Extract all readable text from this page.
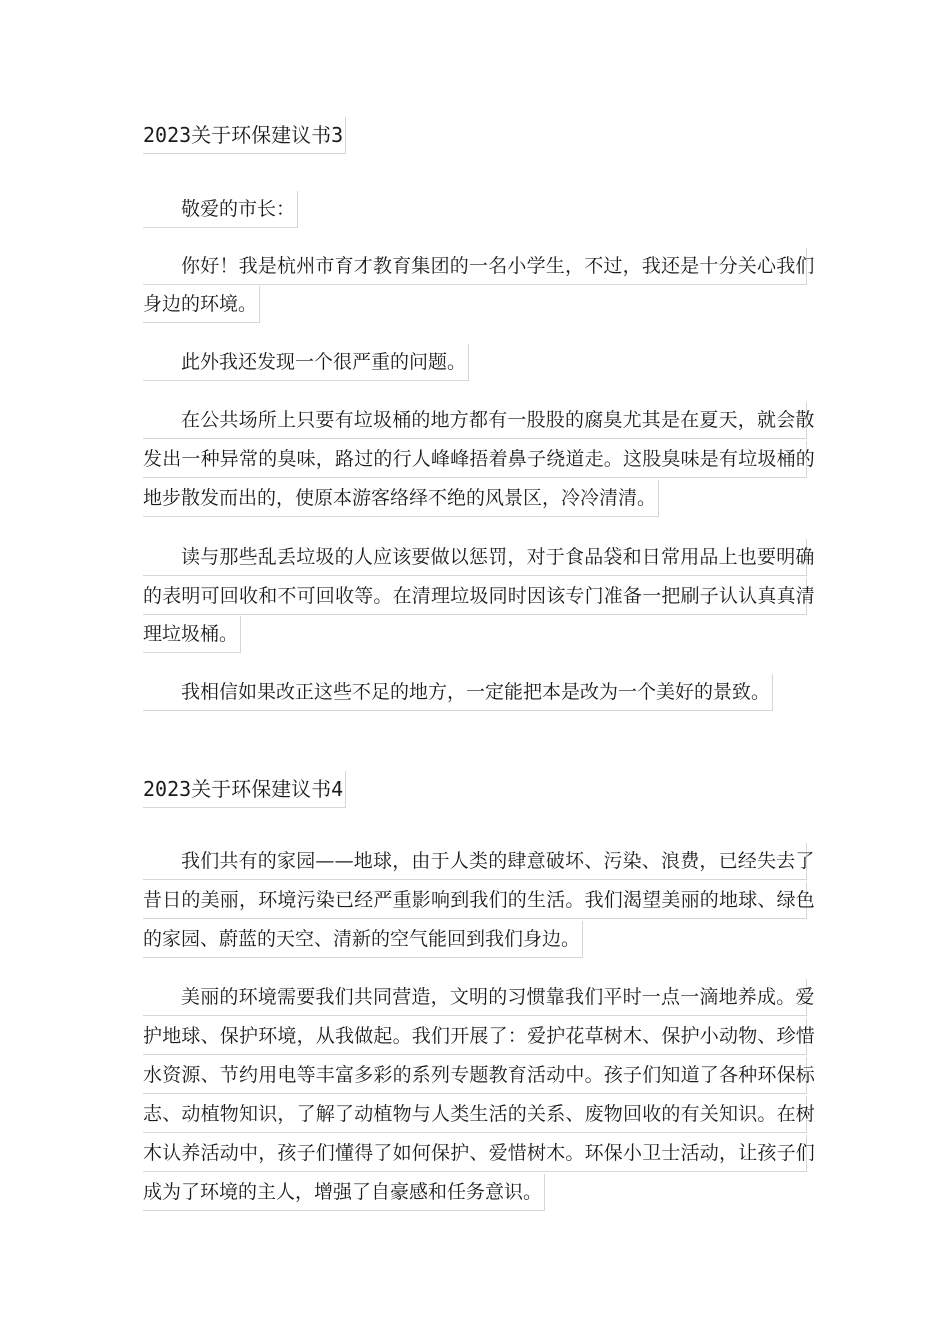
2023关于环保建议书3
敬爱的市长：
你好！我是杭州市育才教育集团的一名小学生，不过，我还是十分关心我们
身边的环境。
此外我还发现一个很严重的问题。
在公共场所上只要有垃圾桶的地方都有一股股的腐臭尤其是在夏天，就会散
发出一种异常的臭味，路过的行人峰峰捂着鼻子绕道走。这股臭味是有垃圾桶的
地步散发而出的，使原本游客络绎不绝的风景区，冷冷清清。
读与那些乱丢垃圾的人应该要做以惩罚，对于食品袋和日常用品上也要明确
的表明可回收和不可回收等。在清理垃圾同时因该专门准备一把刷子认认真真清
理垃圾桶。
我相信如果改正这些不足的地方，一定能把本是改为一个美好的景致。
2023关于环保建议书4
我们共有的家园——地球，由于人类的肆意破坏、污染、浪费，已经失去了
昔日的美丽，环境污染已经严重影响到我们的生活。我们渴望美丽的地球、绿色
的家园、蔚蓝的天空、清新的空气能回到我们身边。
美丽的环境需要我们共同营造，文明的习惯靠我们平时一点一滴地养成。爱
护地球、保护环境，从我做起。我们开展了：爱护花草树木、保护小动物、珍惜
水资源、节约用电等丰富多彩的系列专题教育活动中。孩子们知道了各种环保标
志、动植物知识，了解了动植物与人类生活的关系、废物回收的有关知识。在树
木认养活动中，孩子们懂得了如何保护、爱惜树木。环保小卫士活动，让孩子们
成为了环境的主人，增强了自豪感和任务意识。
